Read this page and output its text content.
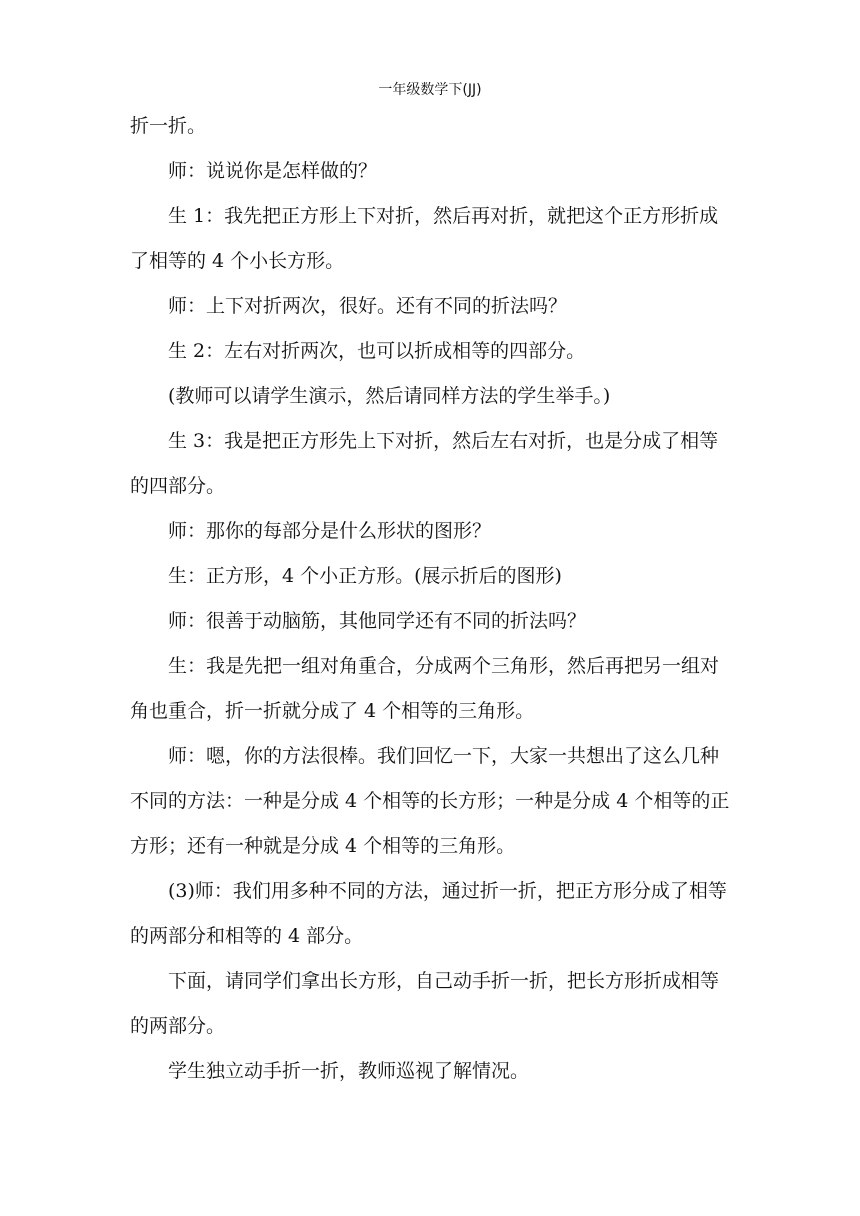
一年级数学下(JJ)

折一折。

师：说说你是怎样做的？

生 1：我先把正方形上下对折，然后再对折，就把这个正方形折成了相等的 4 个小长方形。

师：上下对折两次，很好。还有不同的折法吗？

生 2：左右对折两次，也可以折成相等的四部分。

(教师可以请学生演示，然后请同样方法的学生举手。)

生 3：我是把正方形先上下对折，然后左右对折，也是分成了相等的四部分。

师：那你的每部分是什么形状的图形？

生：正方形，4 个小正方形。(展示折后的图形)

师：很善于动脑筋，其他同学还有不同的折法吗？

生：我是先把一组对角重合，分成两个三角形，然后再把另一组对角也重合，折一折就分成了 4 个相等的三角形。

师：嗯，你的方法很棒。我们回忆一下，大家一共想出了这么几种不同的方法：一种是分成 4 个相等的长方形；一种是分成 4 个相等的正方形；还有一种就是分成 4 个相等的三角形。

(3)师：我们用多种不同的方法，通过折一折，把正方形分成了相等的两部分和相等的 4 部分。

下面，请同学们拿出长方形，自己动手折一折，把长方形折成相等的两部分。

学生独立动手折一折，教师巡视了解情况。
